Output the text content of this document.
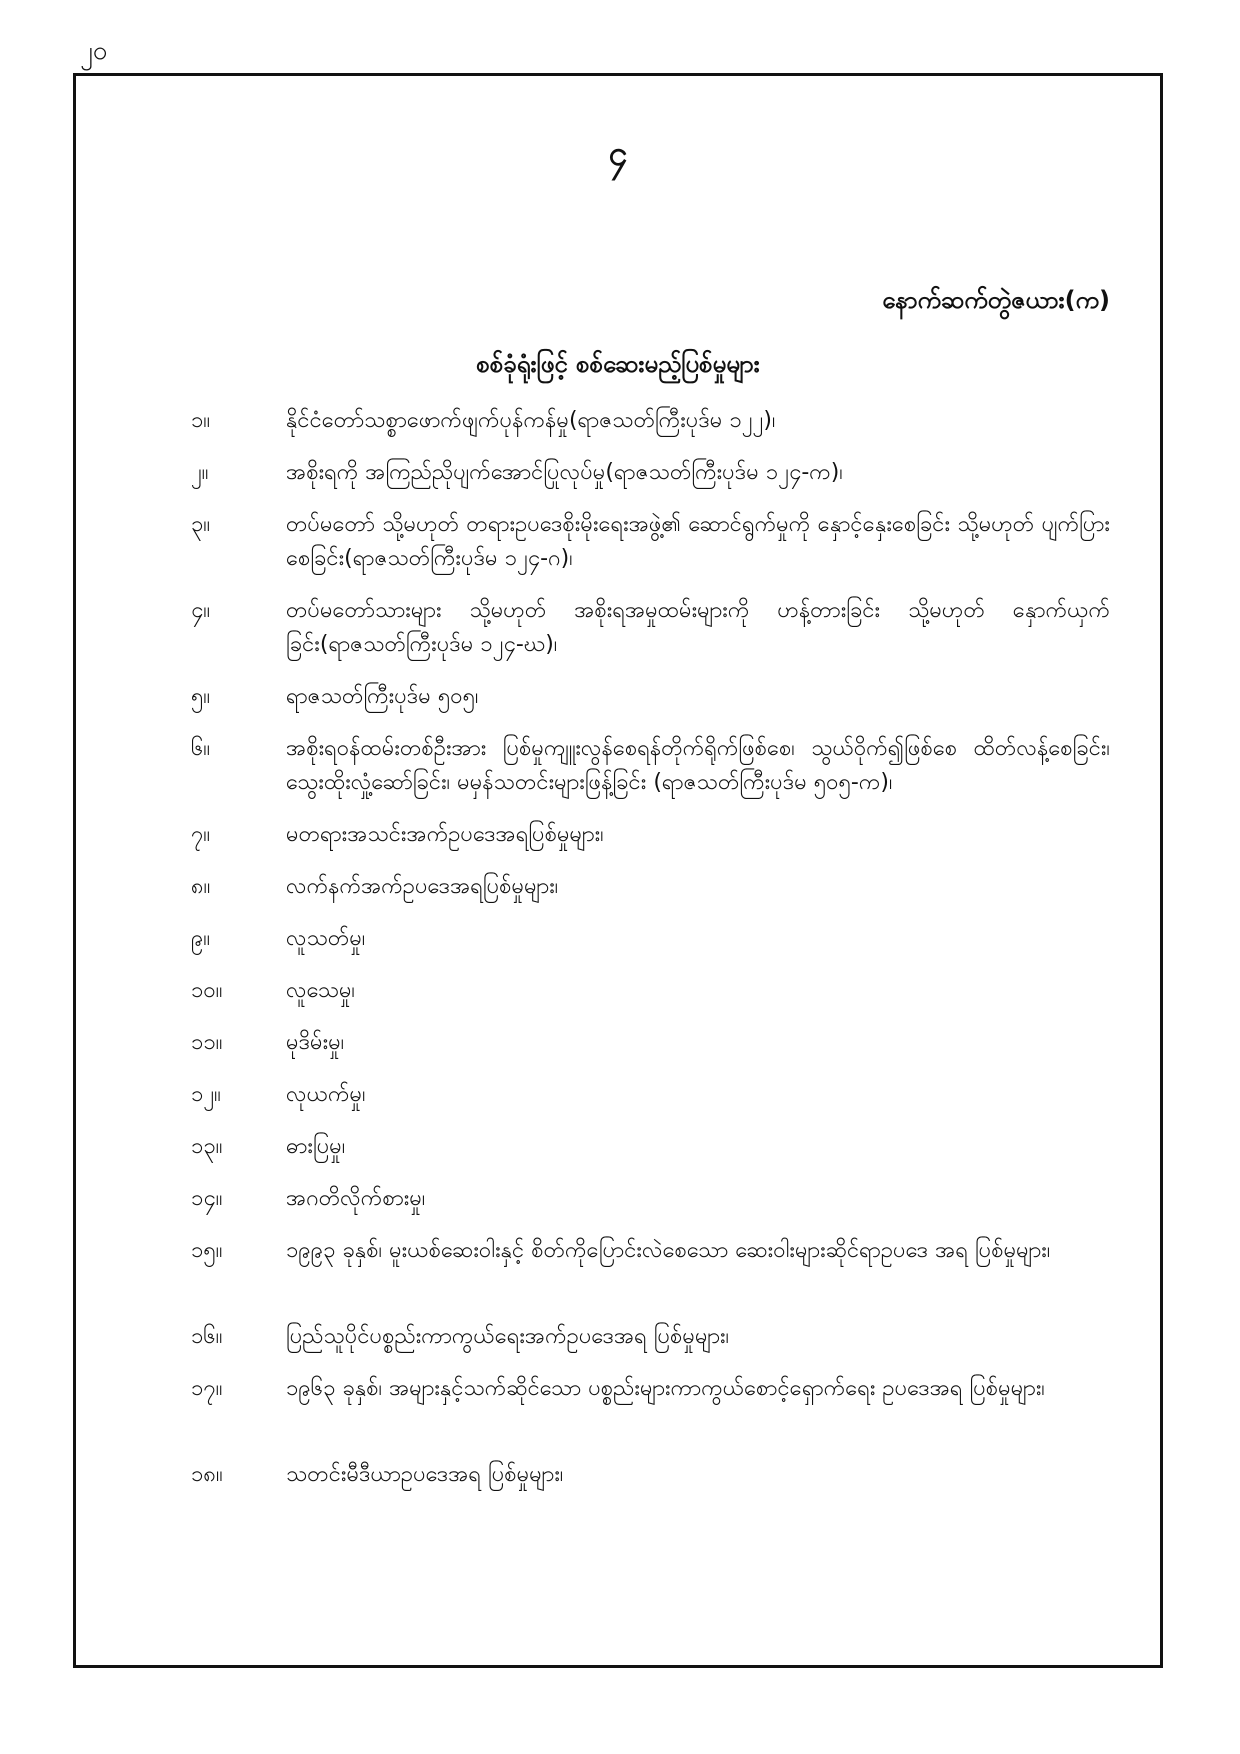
၂၀
၄
နောက်ဆက်တွဲဇယား(က)
စစ်ခုံရုံးဖြင့် စစ်ဆေးမည့်ပြစ်မှုများ
၁။	နိုင်ငံတော်သစ္စာဖောက်ဖျက်ပုန်ကန်မှု(ရာဇသတ်ကြီးပုဒ်မ ၁၂၂)၊
၂။	အစိုးရကို အကြည်ညိုပျက်အောင်ပြုလုပ်မှု(ရာဇသတ်ကြီးပုဒ်မ ၁၂၄-က)၊
၃။	တပ်မတော် သို့မဟုတ် တရားဥပဒေစိုးမိုးရေးအဖွဲ့၏ ဆောင်ရွက်မှုကို နှောင့်နှေးစေခြင်း သို့မဟုတ် ပျက်ပြားစေခြင်း(ရာဇသတ်ကြီးပုဒ်မ ၁၂၄-ဂ)၊
၄။	တပ်မတော်သားများ သို့မဟုတ် အစိုးရအမှုထမ်းများကို ဟန့်တားခြင်း သို့မဟုတ် နှောက်ယှက်ခြင်း(ရာဇသတ်ကြီးပုဒ်မ ၁၂၄-ဃ)၊
၅။	ရာဇသတ်ကြီးပုဒ်မ ၅၀၅၊
၆။	အစိုးရဝန်ထမ်းတစ်ဦးအား ပြစ်မှုကျူးလွန်စေရန်တိုက်ရိုက်ဖြစ်စေ၊ သွယ်ဝိုက်၍ဖြစ်စေ ထိတ်လန့်စေခြင်း၊ သွေးထိုးလှုံ့ဆော်ခြင်း၊ မမှန်သတင်းများဖြန့်ခြင်း (ရာဇသတ်ကြီးပုဒ်မ ၅၀၅-က)၊
၇။	မတရားအသင်းအက်ဥပဒေအရပြစ်မှုများ၊
၈။	လက်နက်အက်ဥပဒေအရပြစ်မှုများ၊
၉။	လူသတ်မှု၊
၁၀။	လူသေမှု၊
၁၁။	မုဒိမ်းမှု၊
၁၂။	လုယက်မှု၊
၁၃။	ဓားပြမှု၊
၁၄။	အဂတိလိုက်စားမှု၊
၁၅။	၁၉၉၃ ခုနှစ်၊ မူးယစ်ဆေးဝါးနှင့် စိတ်ကိုပြောင်းလဲစေသော ဆေးဝါးများဆိုင်ရာဥပဒေ အရ ပြစ်မှုများ၊
၁၆။	ပြည်သူပိုင်ပစ္စည်းကာကွယ်ရေးအက်ဥပဒေအရ ပြစ်မှုများ၊
၁၇။	၁၉၆၃ ခုနှစ်၊ အများနှင့်သက်ဆိုင်သော ပစ္စည်းများကာကွယ်စောင့်ရှောက်ရေး ဥပဒေအရ ပြစ်မှုများ၊
၁၈။	သတင်းမီဒီယာဥပဒေအရ ပြစ်မှုများ၊
